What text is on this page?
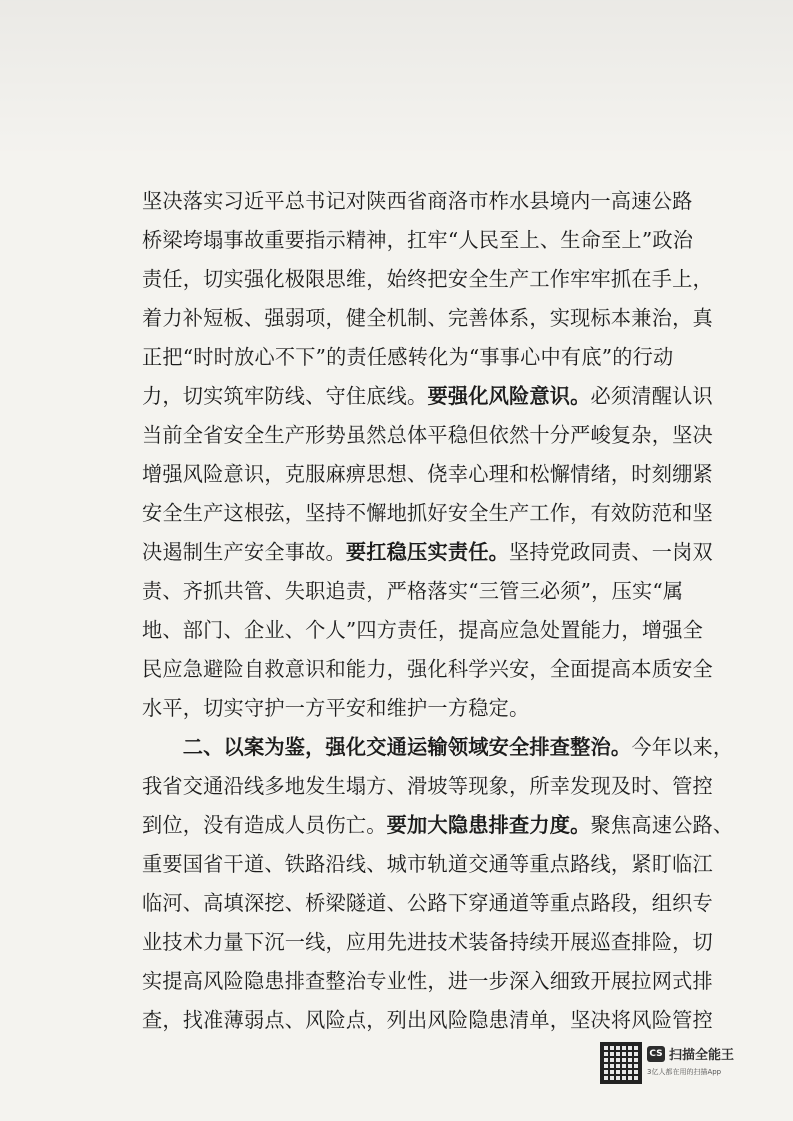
坚决落实习近平总书记对陕西省商洛市柞水县境内一高速公路
桥梁垮塌事故重要指示精神，扛牢“人民至上、生命至上”政治
责任，切实强化极限思维，始终把安全生产工作牢牢抓在手上，
着力补短板、强弱项，健全机制、完善体系，实现标本兼治，真
正把“时时放心不下”的责任感转化为“事事心中有底”的行动
力，切实筑牢防线、守住底线。要强化风险意识。必须清醒认识
当前全省安全生产形势虽然总体平稳但依然十分严峻复杂，坚决
增强风险意识，克服麻痹思想、侥幸心理和松懈情绪，时刻绷紧
安全生产这根弦，坚持不懈地抓好安全生产工作，有效防范和坚
决遏制生产安全事故。要扛稳压实责任。坚持党政同责、一岗双
责、齐抓共管、失职追责，严格落实“三管三必须”，压实“属
地、部门、企业、个人”四方责任，提高应急处置能力，增强全
民应急避险自救意识和能力，强化科学兴安，全面提高本质安全
水平，切实守护一方平安和维护一方稳定。
　　二、以案为鉴，强化交通运输领域安全排查整治。今年以来，
我省交通沿线多地发生塌方、滑坡等现象，所幸发现及时、管控
到位，没有造成人员伤亡。要加大隐患排查力度。聚焦高速公路、
重要国省干道、铁路沿线、城市轨道交通等重点路线，紧盯临江
临河、高填深挖、桥梁隧道、公路下穿通道等重点路段，组织专
业技术力量下沉一线，应用先进技术装备持续开展巡查排险，切
实提高风险隐患排查整治专业性，进一步深入细致开展拉网式排
查，找准薄弱点、风险点，列出风险隐患清单，坚决将风险管控
CS 扫描全能王
3亿人都在用的扫描App
